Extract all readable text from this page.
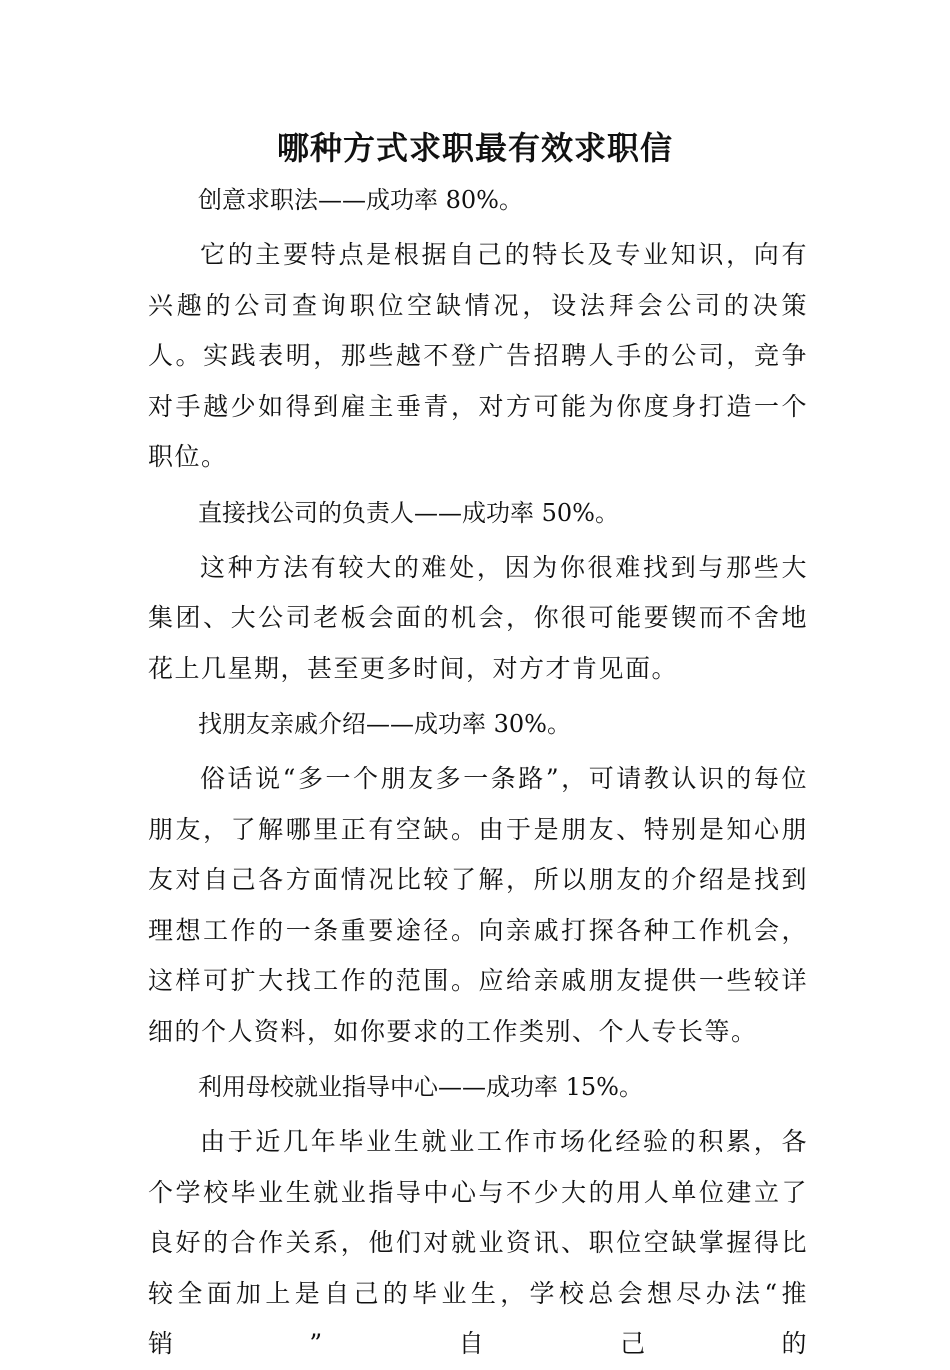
哪种方式求职最有效求职信
创意求职法——成功率 80%。

它的主要特点是根据自己的特长及专业知识，向有兴趣的公司查询职位空缺情况，设法拜会公司的决策人。实践表明，那些越不登广告招聘人手的公司，竞争对手越少如得到雇主垂青，对方可能为你度身打造一个职位。

直接找公司的负责人——成功率 50%。

这种方法有较大的难处，因为你很难找到与那些大集团、大公司老板会面的机会，你很可能要锲而不舍地花上几星期，甚至更多时间，对方才肯见面。

找朋友亲戚介绍——成功率 30%。

俗话说“多一个朋友多一条路”，可请教认识的每位朋友，了解哪里正有空缺。由于是朋友、特别是知心朋友对自己各方面情况比较了解，所以朋友的介绍是找到理想工作的一条重要途径。向亲戚打探各种工作机会，这样可扩大找工作的范围。应给亲戚朋友提供一些较详细的个人资料，如你要求的工作类别、个人专长等。

利用母校就业指导中心——成功率 15%。

由于近几年毕业生就业工作市场化经验的积累，各个学校毕业生就业指导中心与不少大的用人单位建立了良好的合作关系，他们对就业资讯、职位空缺掌握得比较全面加上是自己的毕业生，学校总会想尽办法“推销”自己的
